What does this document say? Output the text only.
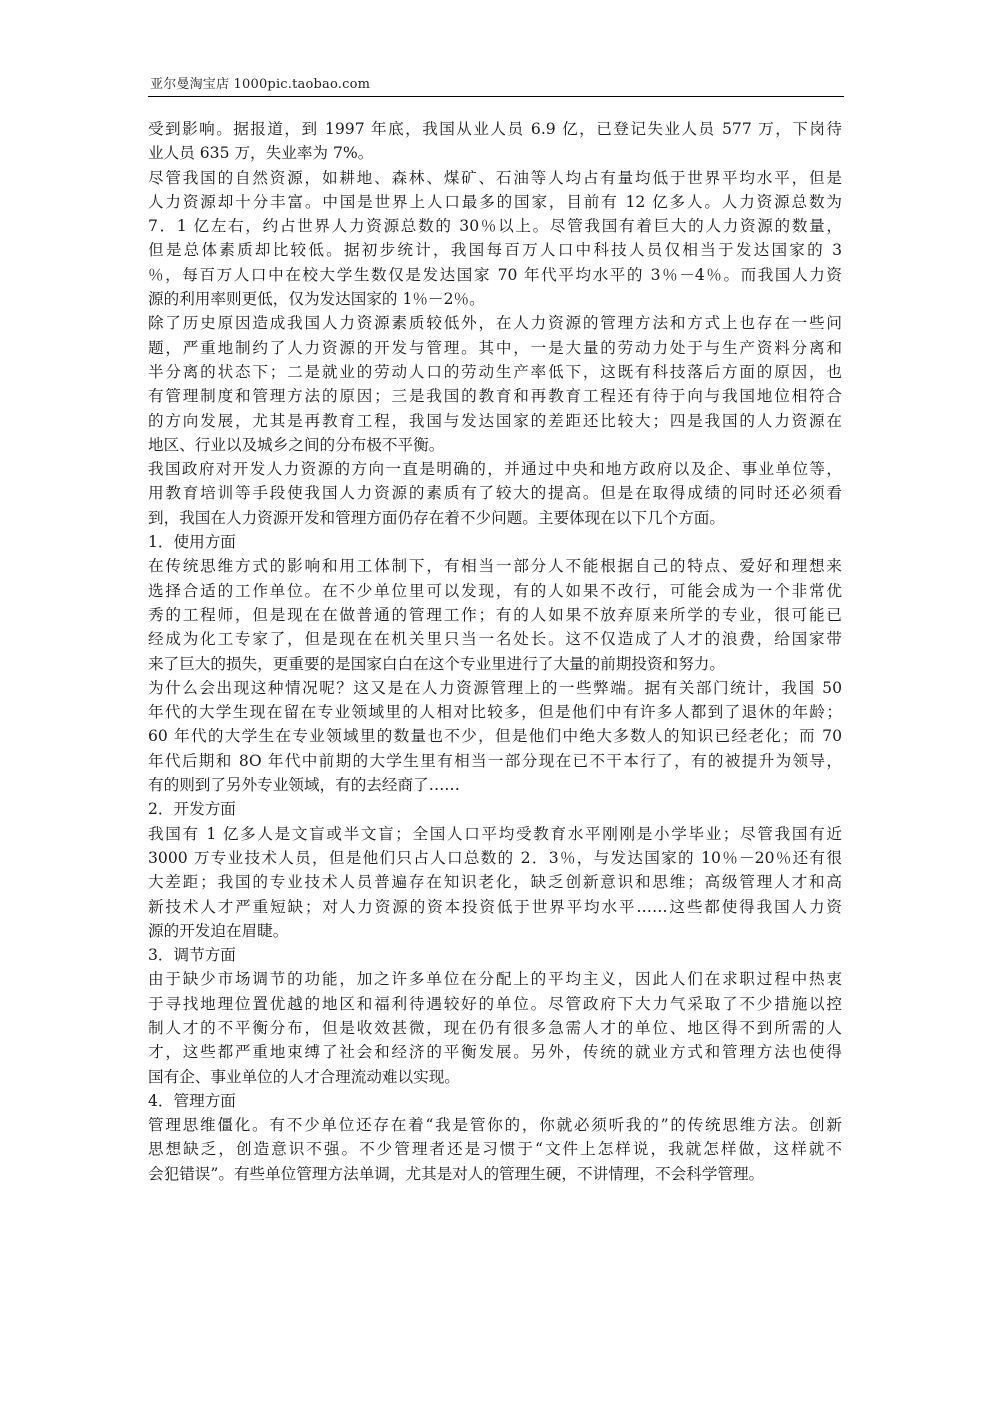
亚尔曼淘宝店 1000pic.taobao.com
受到影响。据报道，到 1997 年底，我国从业人员 6.9 亿，已登记失业人员 577 万，下岗待
业人员 635 万，失业率为 7%。
尽管我国的自然资源，如耕地、森林、煤矿、石油等人均占有量均低于世界平均水平，但是
人力资源却十分丰富。中国是世界上人口最多的国家，目前有 12 亿多人。人力资源总数为
7．1 亿左右，约占世界人力资源总数的 30％以上。尽管我国有着巨大的人力资源的数量，
但是总体素质却比较低。据初步统计，我国每百万人口中科技人员仅相当于发达国家的 3
％，每百万人口中在校大学生数仅是发达国家 70 年代平均水平的 3％－4％。而我国人力资
源的利用率则更低，仅为发达国家的 1％－2％。
除了历史原因造成我国人力资源素质较低外，在人力资源的管理方法和方式上也存在一些问
题，严重地制约了人力资源的开发与管理。其中，一是大量的劳动力处于与生产资料分离和
半分离的状态下；二是就业的劳动人口的劳动生产率低下，这既有科技落后方面的原因，也
有管理制度和管理方法的原因；三是我国的教育和再教育工程还有待于向与我国地位相符合
的方向发展，尤其是再教育工程，我国与发达国家的差距还比较大；四是我国的人力资源在
地区、行业以及城乡之间的分布极不平衡。
我国政府对开发人力资源的方向一直是明确的，并通过中央和地方政府以及企、事业单位等，
用教育培训等手段使我国人力资源的素质有了较大的提高。但是在取得成绩的同时还必须看
到，我国在人力资源开发和管理方面仍存在着不少问题。主要体现在以下几个方面。
1．使用方面
在传统思维方式的影响和用工体制下，有相当一部分人不能根据自己的特点、爱好和理想来
选择合适的工作单位。在不少单位里可以发现，有的人如果不改行，可能会成为一个非常优
秀的工程师，但是现在在做普通的管理工作；有的人如果不放弃原来所学的专业，很可能已
经成为化工专家了，但是现在在机关里只当一名处长。这不仅造成了人才的浪费，给国家带
来了巨大的损失，更重要的是国家白白在这个专业里进行了大量的前期投资和努力。
为什么会出现这种情况呢？这又是在人力资源管理上的一些弊端。据有关部门统计，我国 50
年代的大学生现在留在专业领域里的人相对比较多，但是他们中有许多人都到了退休的年龄；
60 年代的大学生在专业领域里的数量也不少，但是他们中绝大多数人的知识已经老化；而 70
年代后期和 8O 年代中前期的大学生里有相当一部分现在已不干本行了，有的被提升为领导，
有的则到了另外专业领域，有的去经商了……
2．开发方面
我国有 1 亿多人是文盲或半文盲；全国人口平均受教育水平刚刚是小学毕业；尽管我国有近
3000 万专业技术人员，但是他们只占人口总数的 2．3％，与发达国家的 10％－20％还有很
大差距；我国的专业技术人员普遍存在知识老化，缺乏创新意识和思维；高级管理人才和高
新技术人才严重短缺；对人力资源的资本投资低于世界平均水平……这些都使得我国人力资
源的开发迫在眉睫。
3．调节方面
由于缺少市场调节的功能，加之许多单位在分配上的平均主义，因此人们在求职过程中热衷
于寻找地理位置优越的地区和福利待遇较好的单位。尽管政府下大力气采取了不少措施以控
制人才的不平衡分布，但是收效甚微，现在仍有很多急需人才的单位、地区得不到所需的人
才，这些都严重地束缚了社会和经济的平衡发展。另外，传统的就业方式和管理方法也使得
国有企、事业单位的人才合理流动难以实现。
4．管理方面
管理思维僵化。有不少单位还存在着“我是管你的，你就必须听我的”的传统思维方法。创新
思想缺乏，创造意识不强。不少管理者还是习惯于“文件上怎样说，我就怎样做，这样就不
会犯错误”。有些单位管理方法单调，尤其是对人的管理生硬，不讲情理，不会科学管理。
